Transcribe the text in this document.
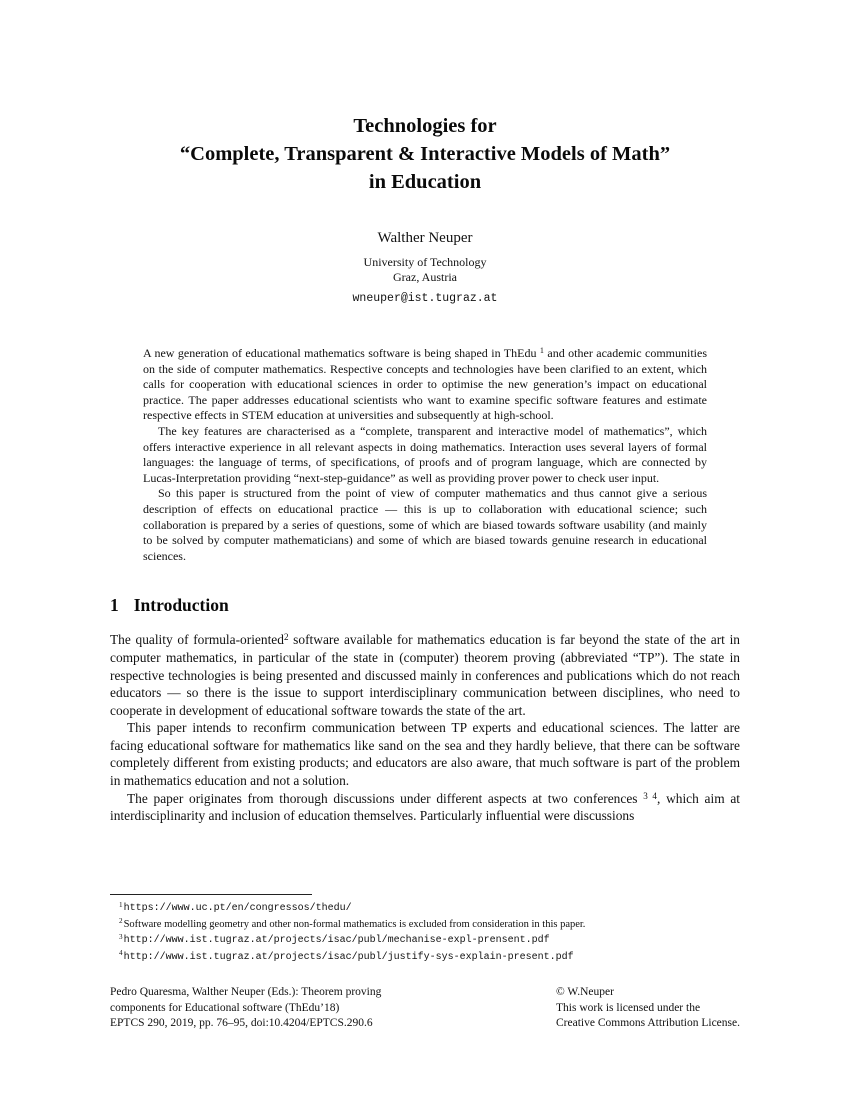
Technologies for
“Complete, Transparent & Interactive Models of Math”
in Education
Walther Neuper
University of Technology
Graz, Austria
wneuper@ist.tugraz.at

A new generation of educational mathematics software is being shaped in ThEdu $^1$ and other academic communities on the side of computer mathematics. Respective concepts and technologies have been clarified to an extent, which calls for cooperation with educational sciences in order to optimise the new generation’s impact on educational practice. The paper addresses educational scientists who want to examine specific software features and estimate respective effects in STEM education at universities and subsequently at high-school.

The key features are characterised as a “complete, transparent and interactive model of mathematics”, which offers interactive experience in all relevant aspects in doing mathematics. Interaction uses several layers of formal languages: the language of terms, of specifications, of proofs and of program language, which are connected by Lucas-Interpretation providing “next-step-guidance” as well as providing prover power to check user input.

So this paper is structured from the point of view of computer mathematics and thus cannot give a serious description of effects on educational practice — this is up to collaboration with educational science; such collaboration is prepared by a series of questions, some of which are biased towards software usability (and mainly to be solved by computer mathematicians) and some of which are biased towards genuine research in educational sciences.

1 Introduction

The quality of formula-oriented$^2$ software available for mathematics education is far beyond the state of the art in computer mathematics, in particular of the state in (computer) theorem proving (abbreviated “TP”). The state in respective technologies is being presented and discussed mainly in conferences and publications which do not reach educators — so there is the issue to support interdisciplinary communication between disciplines, who need to cooperate in development of educational software towards the state of the art.

This paper intends to reconfirm communication between TP experts and educational sciences. The latter are facing educational software for mathematics like sand on the sea and they hardly believe, that there can be software completely different from existing products; and educators are also aware, that much software is part of the problem in mathematics education and not a solution.

The paper originates from thorough discussions under different aspects at two conferences $^{3 4}$, which aim at interdisciplinarity and inclusion of education themselves. Particularly influential were discussions

$^1$https://www.uc.pt/en/congressos/thedu/
$^2$Software modelling geometry and other non-formal mathematics is excluded from consideration in this paper.
$^3$http://www.ist.tugraz.at/projects/isac/publ/mechanise-expl-prensent.pdf
$^4$http://www.ist.tugraz.at/projects/isac/publ/justify-sys-explain-present.pdf
Pedro Quaresma, Walther Neuper (Eds.): Theorem proving
components for Educational software (ThEdu’18)
EPTCS 290, 2019, pp. 76–95, doi:10.4204/EPTCS.290.6
© W.Neuper
This work is licensed under the
Creative Commons Attribution License.
